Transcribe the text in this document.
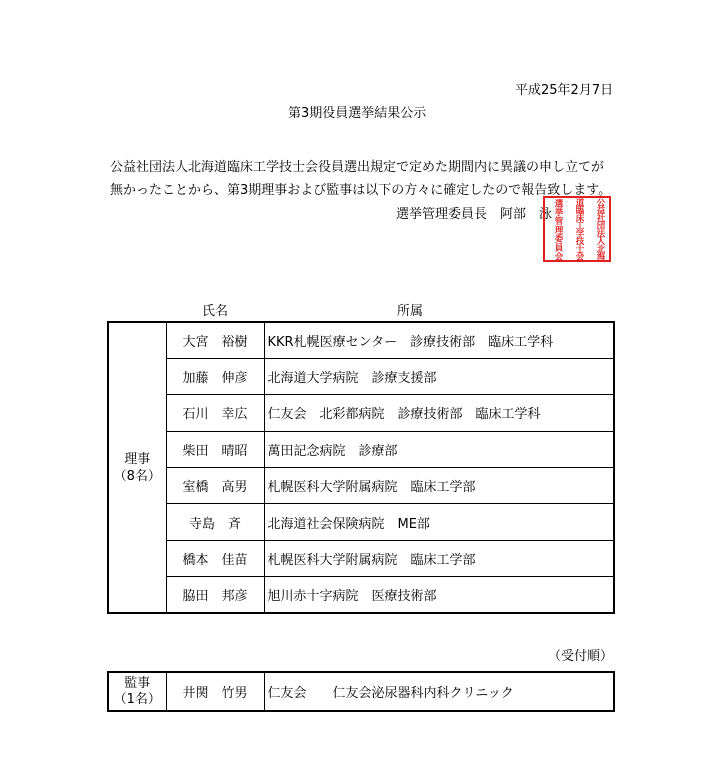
平成25年2月7日
第3期役員選挙結果公示
公益社団法人北海道臨床工学技士会役員選出規定で定めた期間内に異議の申し立てが
無かったことから、第3期理事および監事は以下の方々に確定したので報告致します。
選挙管理委員長　阿部　泳
公
益
社
団
法
人
北
海
道
臨
床
工
学
技
士
会
選
挙
管
理
委
員
会
氏名	所属
理事
（8名）	大宮　裕樹	KKR札幌医療センター　診療技術部　臨床工学科
	加藤　伸彦	北海道大学病院　診療支援部
	石川　幸広	仁友会　北彩都病院　診療技術部　臨床工学科
	柴田　晴昭	萬田記念病院　診療部
	室橋　高男	札幌医科大学附属病院　臨床工学部
	寺島　斉	北海道社会保険病院　ME部
	橋本　佳苗	札幌医科大学附属病院　臨床工学部
	脇田　邦彦	旭川赤十字病院　医療技術部
（受付順）
監事
（1名）	井関　竹男	仁友会　　仁友会泌尿器科内科クリニック
